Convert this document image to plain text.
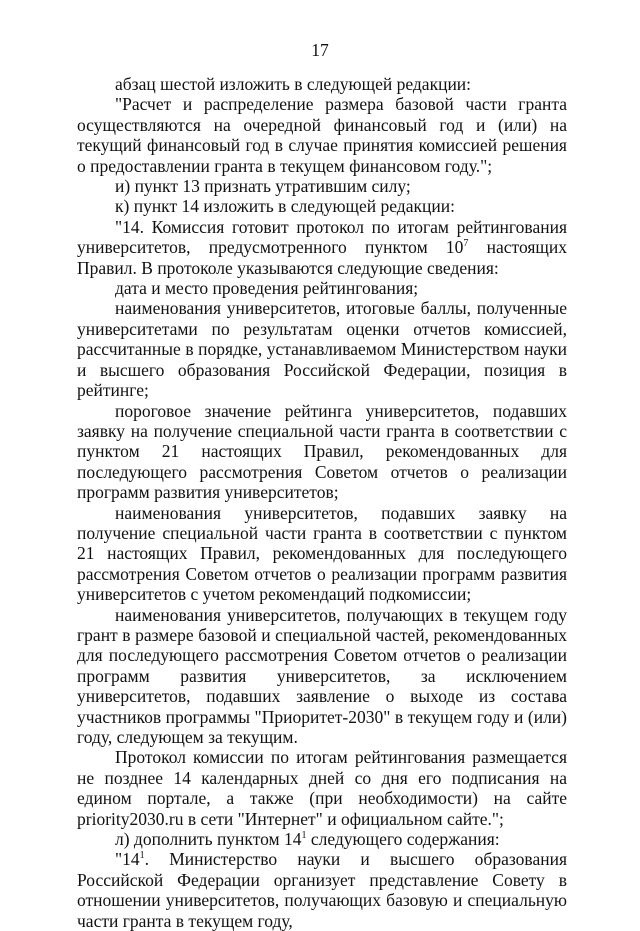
17

абзац шестой изложить в следующей редакции:

"Расчет и распределение размера базовой части гранта осуществляются на очередной финансовый год и (или) на текущий финансовый год в случае принятия комиссией решения о предоставлении гранта в текущем финансовом году.";

и) пункт 13 признать утратившим силу;

к) пункт 14 изложить в следующей редакции:

"14. Комиссия готовит протокол по итогам рейтингования университетов, предусмотренного пунктом $10^7$ настоящих Правил. В протоколе указываются следующие сведения:

дата и место проведения рейтингования;

наименования университетов, итоговые баллы, полученные университетами по результатам оценки отчетов комиссией, рассчитанные в порядке, устанавливаемом Министерством науки и высшего образования Российской Федерации, позиция в рейтинге;

пороговое значение рейтинга университетов, подавших заявку на получение специальной части гранта в соответствии с пунктом 21 настоящих Правил, рекомендованных для последующего рассмотрения Советом отчетов о реализации программ развития университетов;

наименования университетов, подавших заявку на получение специальной части гранта в соответствии с пунктом 21 настоящих Правил, рекомендованных для последующего рассмотрения Советом отчетов о реализации программ развития университетов с учетом рекомендаций подкомиссии;

наименования университетов, получающих в текущем году грант в размере базовой и специальной частей, рекомендованных для последующего рассмотрения Советом отчетов о реализации программ развития университетов, за исключением университетов, подавших заявление о выходе из состава участников программы "Приоритет-2030" в текущем году и (или) году, следующем за текущим.

Протокол комиссии по итогам рейтингования размещается не позднее 14 календарных дней со дня его подписания на едином портале, а также (при необходимости) на сайте priority2030.ru в сети "Интернет" и официальном сайте.";

л) дополнить пунктом $14^1$ следующего содержания:

"$14^1$. Министерство науки и высшего образования Российской Федерации организует представление Совету в отношении университетов, получающих базовую и специальную части гранта в текущем году,
